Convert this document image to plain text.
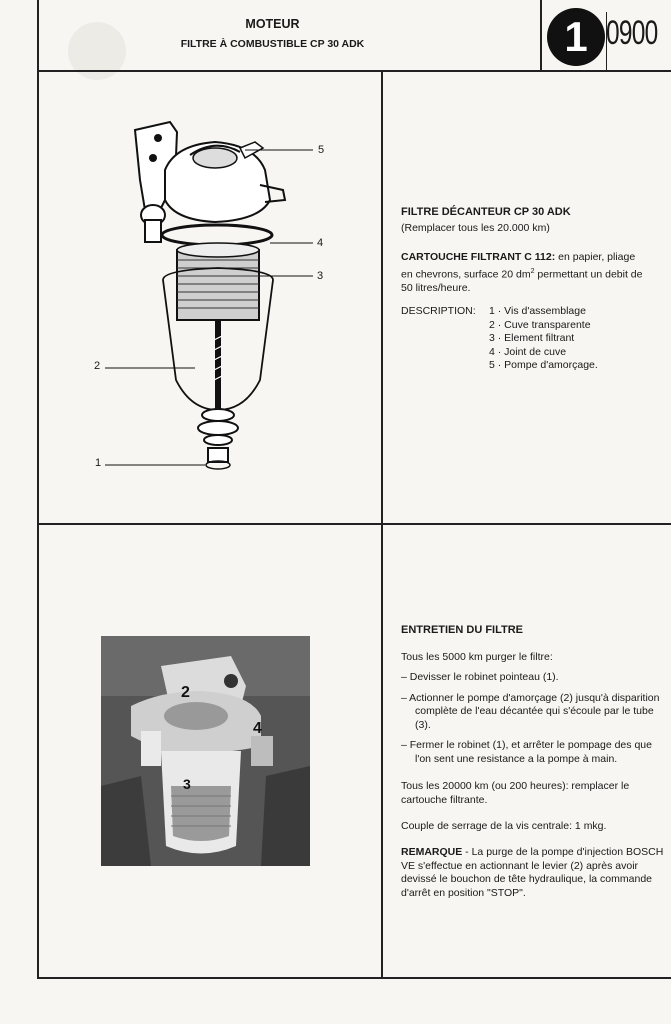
MOTEUR
FILTRE À COMBUSTIBLE CP 30 ADK	1 0900
5
4
3
2
1
FILTRE DÉCANTEUR CP 30 ADK
(Remplacer tous les 20.000 km)
CARTOUCHE FILTRANT C 112: en papier, pliage
en chevrons, surface 20 $dm^2$ permettant un debit de
50 litres/heure.
DESCRIPTION: 1 · Vis d'assemblage
2 · Cuve transparente
3 · Element filtrant
4 · Joint de cuve
5 · Pompe d'amorçage.
2
4
3
ENTRETIEN DU FILTRE
Tous les 5000 km purger le filtre:

– Devisser le robinet pointeau (1).

– Actionner le pompe d'amorçage (2) jusqu'à disparition complète de l'eau décantée qui s'écoule par le tube (3).

– Fermer le robinet (1), et arrêter le pompage des que l'on sent une resistance a la pompe à main.

Tous les 20000 km (ou 200 heures): remplacer le cartouche filtrante.
Couple de serrage de la vis centrale: 1 mkg.
REMARQUE - La purge de la pompe d'injection BOSCH VE s'effectue en actionnant le levier (2) après avoir devissé le bouchon de tête hydraulique, la commande d'arrêt en position "STOP".
